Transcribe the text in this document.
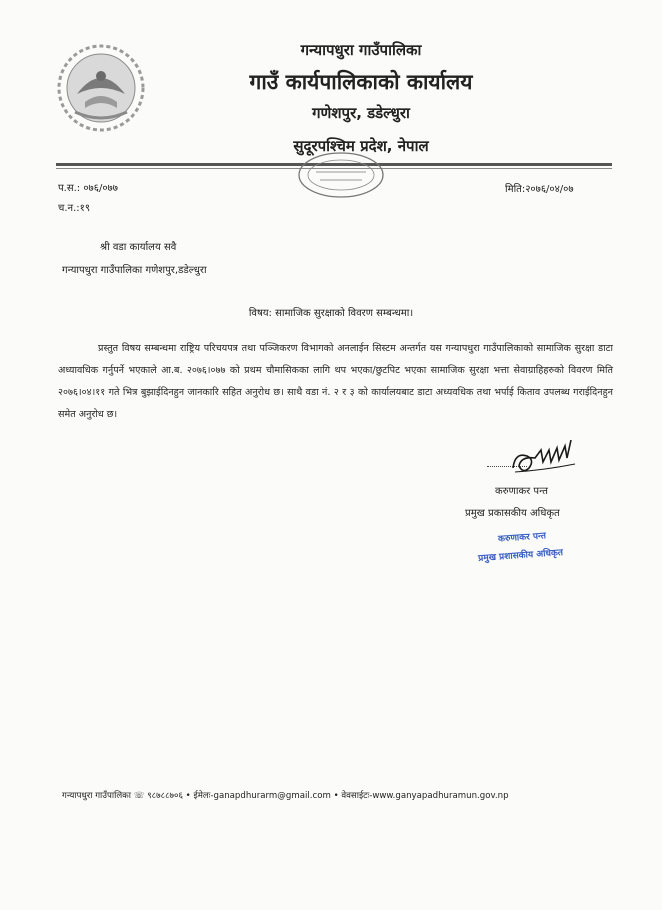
गन्यापधुरा गाउँपालिका
गाउँ कार्यपालिकाको कार्यालय
गणेशपुर, डडेल्धुरा
सुदूरपश्चिम प्रदेश, नेपाल
प.स.: ०७६/०७७
च.न.:१९
मिति:२०७६/०४/०७
श्री वडा कार्यालय सवै
गन्यापधुरा गाउँपालिका गणेशपुर,डडेल्धुरा
विषय: सामाजिक सुरक्षाको विवरण सम्बन्धमा।
प्रस्तुत विषय सम्बन्धमा राष्ट्रिय परिचयपत्र तथा पञ्जिकरण विभागको अनलाईन सिस्टम अन्तर्गत यस गन्यापधुरा गाउँपालिकाको सामाजिक सुरक्षा डाटा अध्यावधिक गर्नुपर्ने भएकाले आ.ब. २०७६।०७७ को प्रथम चौमासिकका लागि थप भएका/छुटपिट भएका सामाजिक सुरक्षा भत्ता सेवाग्राहिहरुको विवरण मिति २०७६।०४।११ गते भित्र बुझाईदिनहुन जानकारि सहित अनुरोध छ। साथै वडा नं. २ र ३ को कार्यालयबाट डाटा अध्यवधिक तथा भर्पाई किताव उपलब्ध गराईदिनहुन समेत अनुरोध छ।
करुणाकर पन्त
प्रमुख प्रकासकीय अधिकृत
करुणाकर पन्त
प्रमुख प्रशासकीय अधिकृत
गन्यापधुरा गाउँपालिका ☏ ९८७८८७०६ • ईमेलः-ganapdhurarm@gmail.com • वेवसाईटः-www.ganyapadhuramun.gov.np
